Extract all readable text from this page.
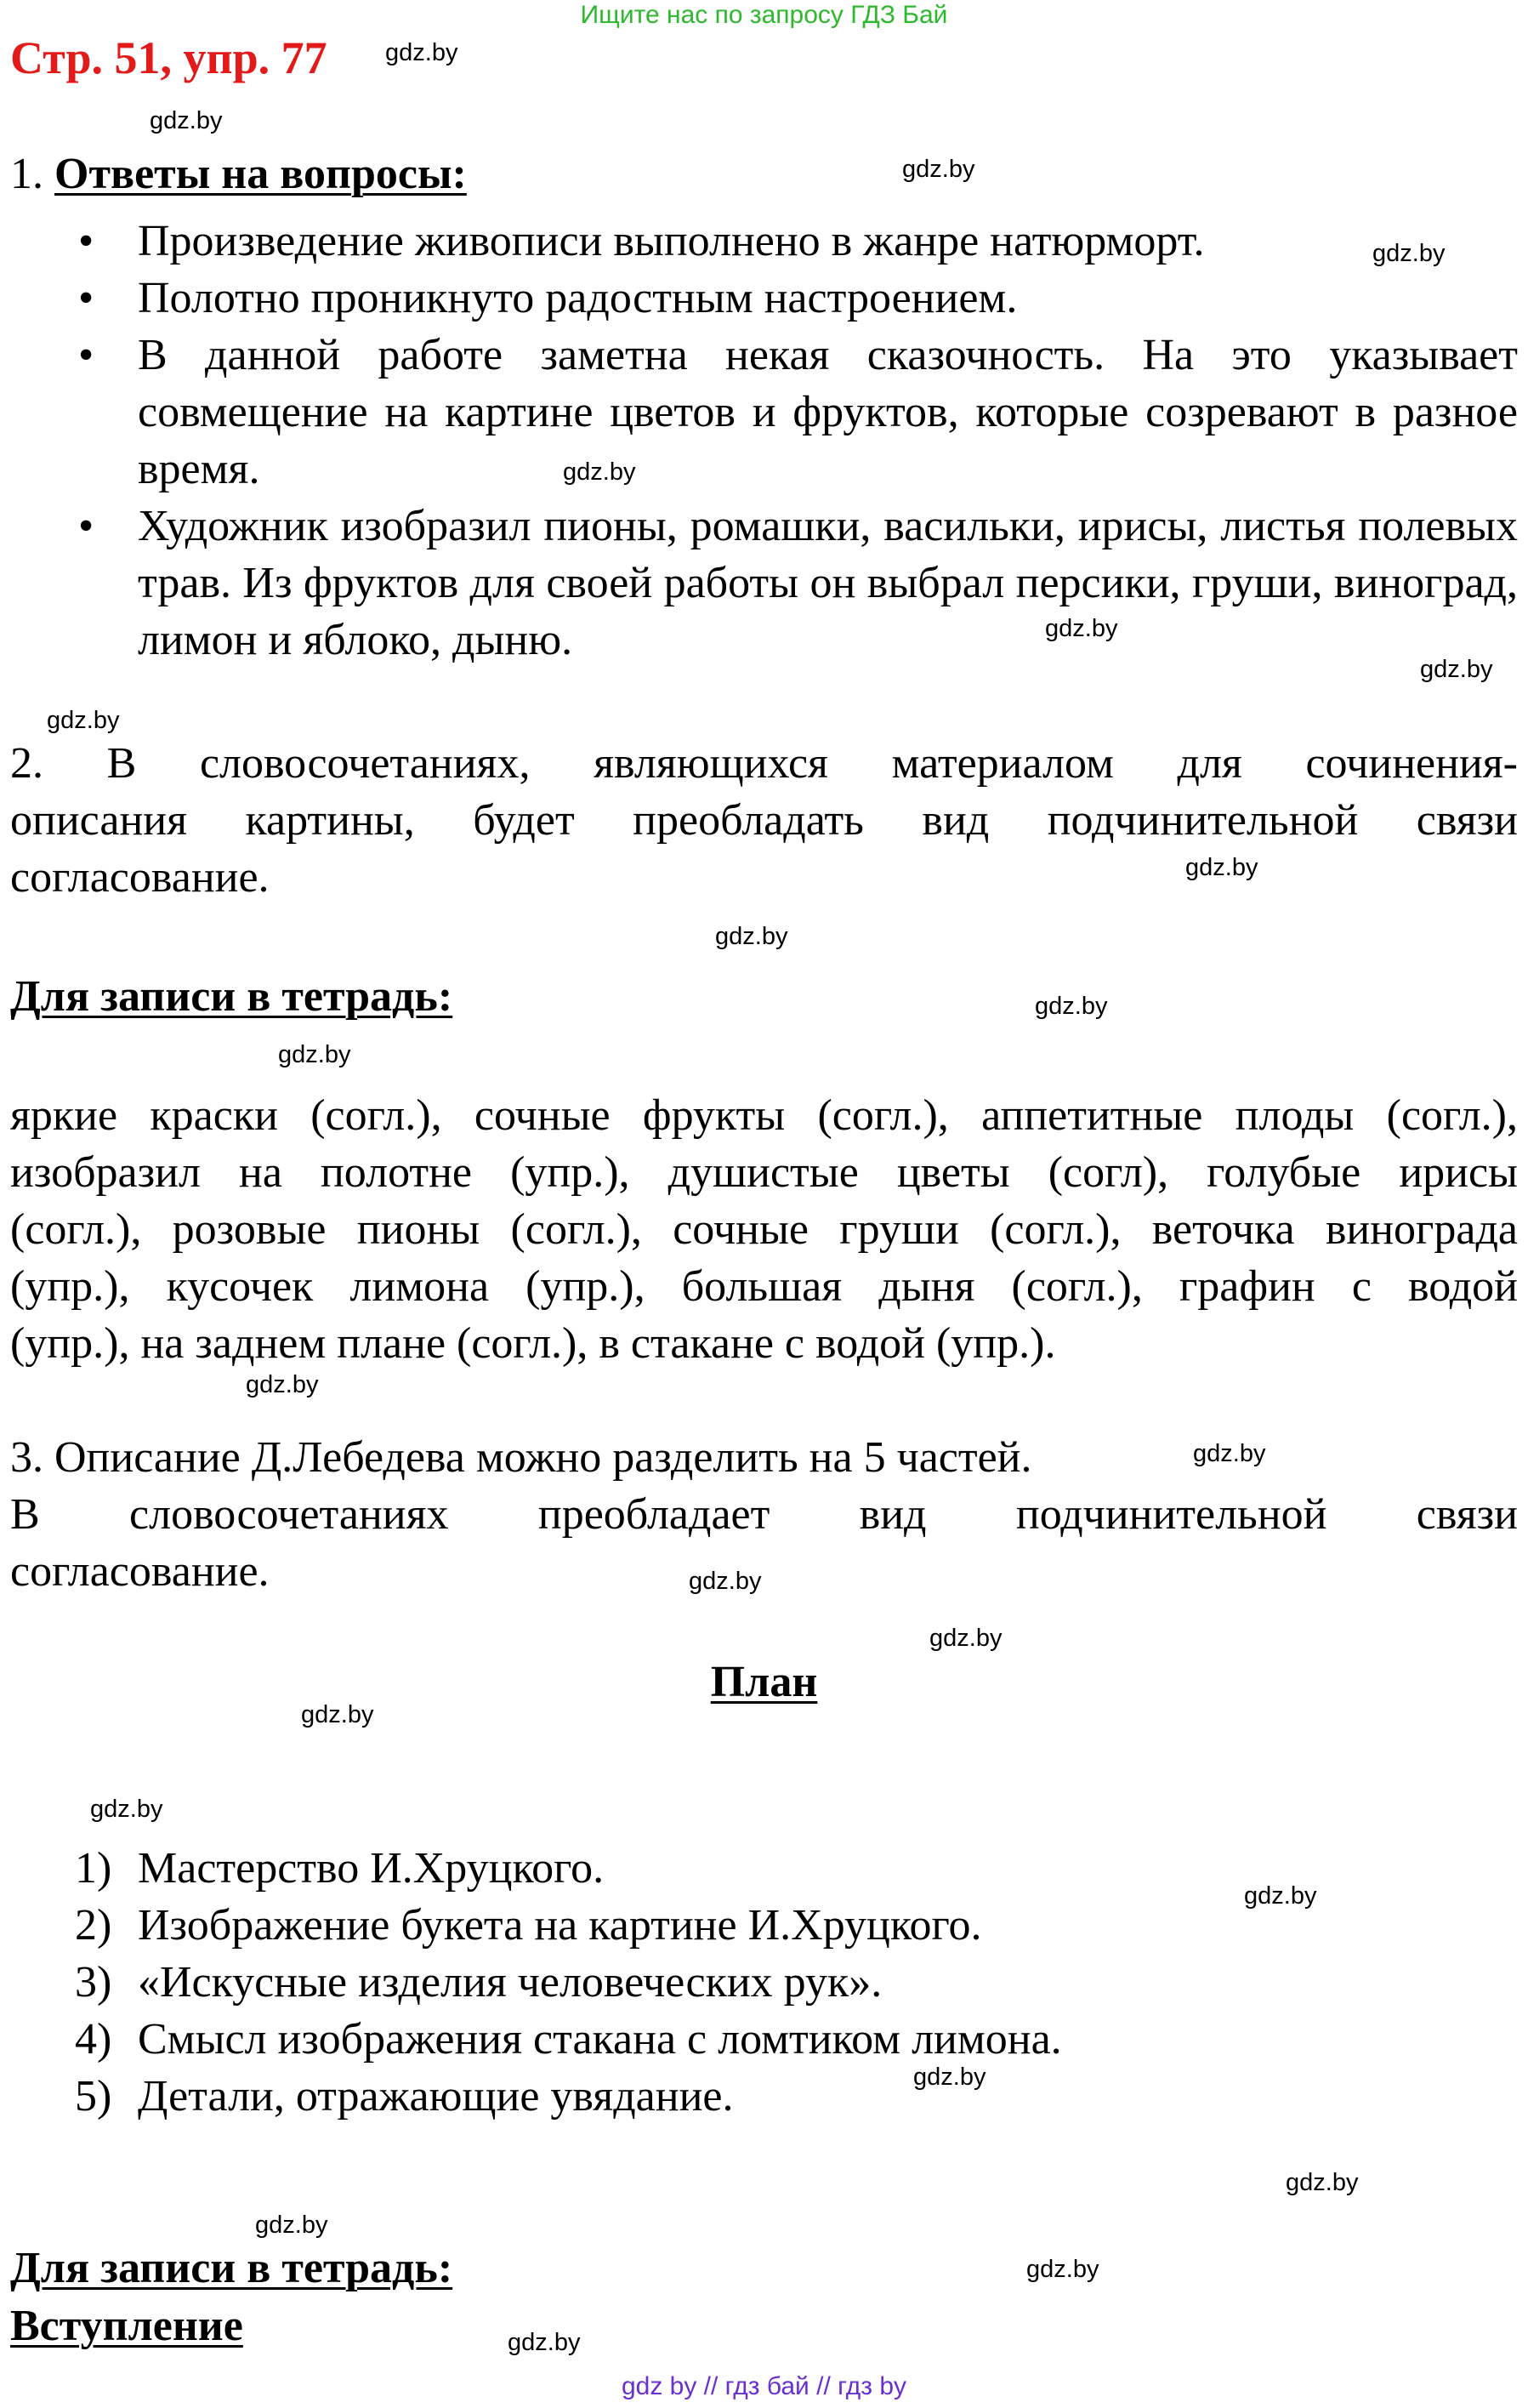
Ищите нас по запросу ГДЗ Бай
Стр. 51, упр. 77
1. Ответы на вопросы:
• Произведение живописи выполнено в жанре натюрморт.
• Полотно проникнуто радостным настроением.
• В данной работе заметна некая сказочность. На это указывает совмещение на картине цветов и фруктов, которые созревают в разное время.
• Художник изобразил пионы, ромашки, васильки, ирисы, листья полевых трав. Из фруктов для своей работы он выбрал персики, груши, виноград, лимон и яблоко, дыню.
2. В словосочетаниях, являющихся материалом для сочинения-
описания картины, будет преобладать вид подчинительной связи
согласование.
Для записи в тетрадь:
яркие краски (согл.), сочные фрукты (согл.), аппетитные плоды (согл.),
изобразил на полотне (упр.), душистые цветы (согл), голубые ирисы
(согл.), розовые пионы (согл.), сочные груши (согл.), веточка винограда
(упр.), кусочек лимона (упр.), большая дыня (согл.), графин с водой
(упр.), на заднем плане (согл.), в стакане с водой (упр.).
3. Описание Д.Лебедева можно разделить на 5 частей.
В словосочетаниях преобладает вид подчинительной связи
согласование.
План
1) Мастерство И.Хруцкого.
2) Изображение букета на картине И.Хруцкого.
3) «Искусные изделия человеческих рук».
4) Смысл изображения стакана с ломтиком лимона.
5) Детали, отражающие увядание.
Для записи в тетрадь:
Вступление
gdz.by
gdz.by
gdz.by
gdz.by
gdz.by
gdz.by
gdz.by
gdz.by
gdz.by
gdz.by
gdz.by
gdz.by
gdz.by
gdz.by
gdz.by
gdz.by
gdz.by
gdz.by
gdz.by
gdz.by
gdz.by
gdz.by
gdz.by
gdz.by
gdz by // гдз бай // гдз by
